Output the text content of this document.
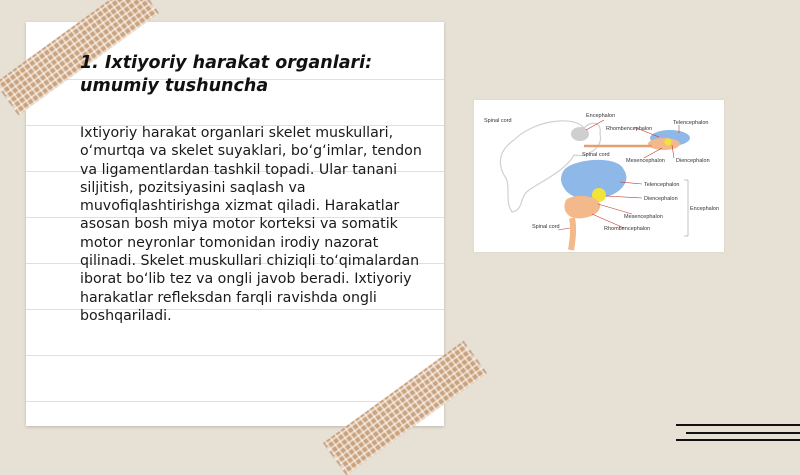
1. Ixtiyoriy harakat organlari: umumiy tushuncha
Ixtiyoriy harakat organlari skelet muskullari, o‘murtqa va skelet suyaklari, bo‘g‘imlar, tendon va ligamentlardan tashkil topadi. Ular tanani siljitish, pozitsiyasini saqlash va muvofiqlashtirishga xizmat qiladi. Harakatlar asosan bosh miya motor korteksi va somatik motor neyronlar tomonidan irodiy nazorat qilinadi. Skelet muskullari chiziqli to‘qimalardan iborat bo‘lib tez va ongli javob beradi. Ixtiyoriy harakatlar refleksdan farqli ravishda ongli boshqariladi.
Spinal cord
Encephalon
Rhombencephalon
Telencephalon
Spinal cord
Mesencephalon Diencephalon
Telencephalon
Diencephalon
Encephalon
Mesencephalon
Spinal cord	Rhombencephalon
